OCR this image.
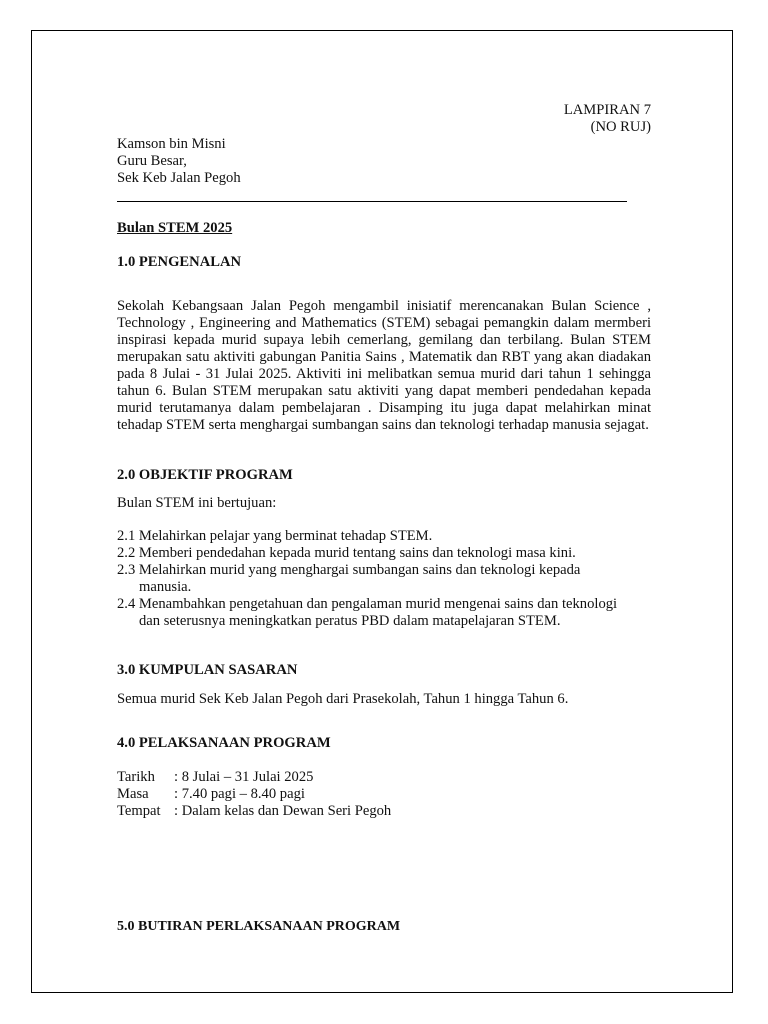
LAMPIRAN 7
(NO RUJ)
Kamson bin Misni
Guru Besar,
Sek Keb Jalan Pegoh
Bulan STEM 2025
1.0 PENGENALAN
Sekolah Kebangsaan Jalan Pegoh mengambil inisiatif merencanakan Bulan Science , Technology , Engineering and Mathematics (STEM) sebagai pemangkin dalam mermberi inspirasi kepada murid supaya lebih cemerlang, gemilang dan terbilang. Bulan STEM merupakan satu aktiviti gabungan Panitia Sains , Matematik dan RBT yang akan diadakan pada 8 Julai - 31 Julai 2025. Aktiviti ini melibatkan semua murid dari tahun 1 sehingga tahun 6. Bulan STEM merupakan satu aktiviti yang dapat memberi pendedahan kepada murid terutamanya dalam pembelajaran . Disamping itu juga dapat melahirkan minat tehadap STEM serta menghargai sumbangan sains dan teknologi terhadap manusia sejagat.
2.0 OBJEKTIF PROGRAM
Bulan STEM ini bertujuan:
2.1 Melahirkan pelajar yang berminat tehadap STEM.
2.2 Memberi pendedahan kepada murid tentang sains dan teknologi masa kini.
2.3 Melahirkan murid yang menghargai sumbangan sains dan teknologi kepada
manusia.
2.4 Menambahkan pengetahuan dan pengalaman murid mengenai sains dan teknologi
dan seterusnya meningkatkan peratus PBD dalam matapelajaran STEM.
3.0 KUMPULAN SASARAN
Semua murid Sek Keb Jalan Pegoh dari Prasekolah, Tahun 1 hingga Tahun 6.
4.0 PELAKSANAAN PROGRAM
Tarikh : 8 Julai – 31 Julai 2025
Masa : 7.40 pagi – 8.40 pagi
Tempat : Dalam kelas dan Dewan Seri Pegoh
5.0 BUTIRAN PERLAKSANAAN PROGRAM
